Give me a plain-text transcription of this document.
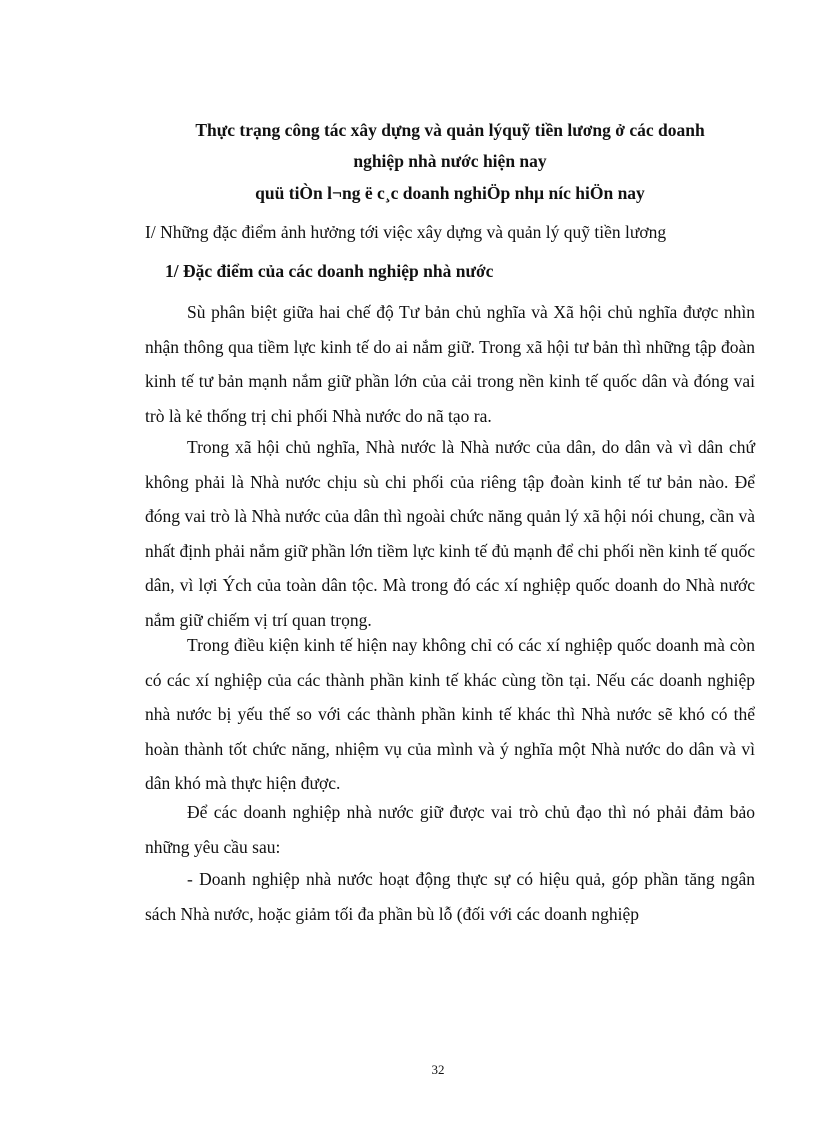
Thực trạng công tác xây dựng và quản lýquỹ tiền lương ở các doanh
nghiệp nhà nước hiện nay
quü tiÒn l¬ng ë c¸c doanh nghiÖp nhµ níc hiÖn nay
I/ Những đặc điểm ảnh hưởng tới việc xây dựng và quản lý quỹ tiền lương
1/ Đặc điểm của các doanh nghiệp nhà nước

Sù phân biệt giữa hai chế độ Tư bản chủ nghĩa và Xã hội chủ nghĩa được nhìn nhận thông qua tiềm lực kinh tế do ai nắm giữ. Trong xã hội tư bản thì những tập đoàn kinh tế tư bản mạnh nắm giữ phần lớn của cải trong nền kinh tế quốc dân và đóng vai trò là kẻ thống trị chi phối Nhà nước do nã tạo ra.

Trong xã hội chủ nghĩa, Nhà nước là Nhà nước của dân, do dân và vì dân chứ không phải là Nhà nước chịu sù chi phối của riêng tập đoàn kinh tế tư bản nào. Để đóng vai trò là Nhà nước của dân thì ngoài chức năng quản lý xã hội nói chung, cần và nhất định phải nắm giữ phần lớn tiềm lực kinh tế đủ mạnh để chi phối nền kinh tế quốc dân, vì lợi Ých của toàn dân tộc. Mà trong đó các xí nghiệp quốc doanh do Nhà nước nắm giữ chiếm vị trí quan trọng.

Trong điều kiện kinh tế hiện nay không chỉ có các xí nghiệp quốc doanh mà còn có các xí nghiệp của các thành phần kinh tế khác cùng tồn tại. Nếu các doanh nghiệp nhà nước bị yếu thế so với các thành phần kinh tế khác thì Nhà nước sẽ khó có thể hoàn thành tốt chức năng, nhiệm vụ của mình và ý nghĩa một Nhà nước do dân và vì dân khó mà thực hiện được.

Để các doanh nghiệp nhà nước giữ được vai trò chủ đạo thì nó phải đảm bảo những yêu cầu sau:

- Doanh nghiệp nhà nước hoạt động thực sự có hiệu quả, góp phần tăng ngân sách Nhà nước, hoặc giảm tối đa phần bù lỗ (đối với các doanh nghiệp

32
